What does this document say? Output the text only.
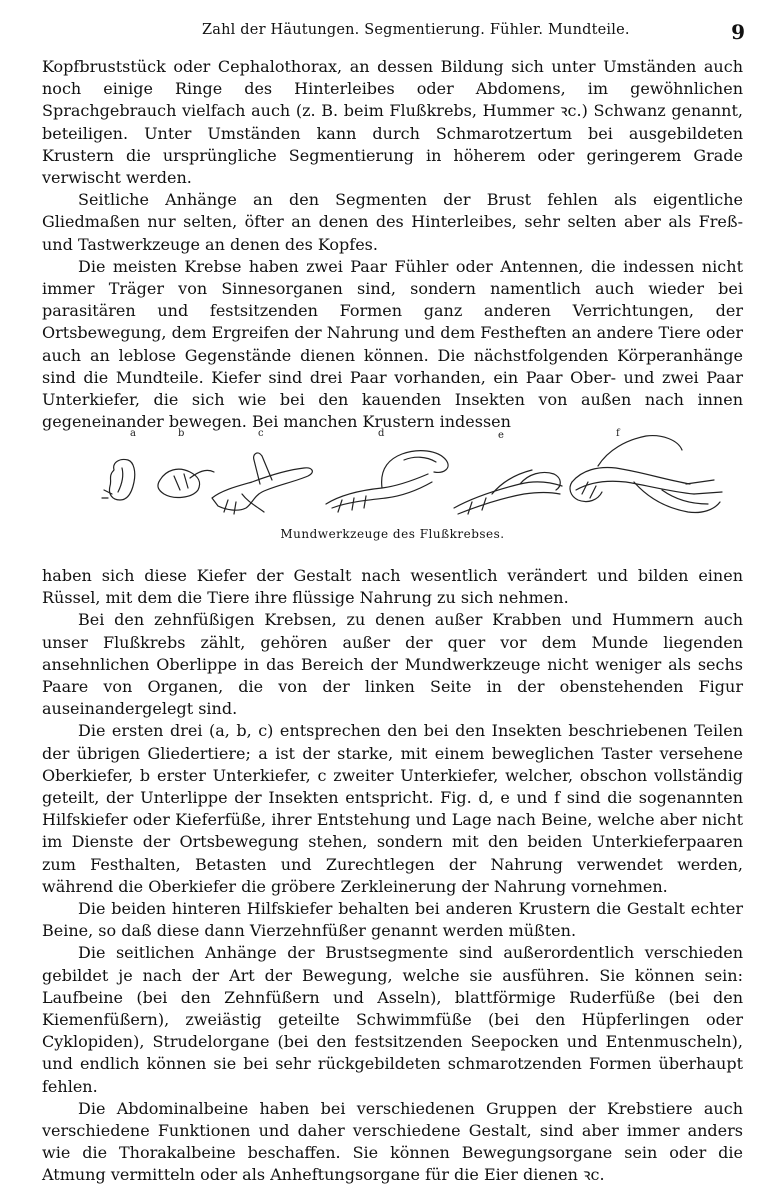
Zahl der Häutungen. Segmentierung. Fühler. Mundteile.	9

Kopfbruststück oder Cephalothorax, an dessen Bildung sich unter Umständen auch noch einige Ringe des Hinterleibes oder Abdomens, im gewöhnlichen Sprachgebrauch vielfach auch (z. B. beim Flußkrebs, Hummer ꝛc.) Schwanz genannt, beteiligen. Unter Umständen kann durch Schmarotzertum bei ausgebildeten Krustern die ursprüngliche Segmentierung in höherem oder geringerem Grade verwischt werden.

Seitliche Anhänge an den Segmenten der Brust fehlen als eigentliche Gliedmaßen nur selten, öfter an denen des Hinterleibes, sehr selten aber als Freß- und Tastwerkzeuge an denen des Kopfes.

Die meisten Krebse haben zwei Paar Fühler oder Antennen, die indessen nicht immer Träger von Sinnesorganen sind, sondern namentlich auch wieder bei parasitären und festsitzenden Formen ganz anderen Verrichtungen, der Ortsbewegung, dem Ergreifen der Nahrung und dem Festheften an andere Tiere oder auch an leblose Gegenstände dienen können. Die nächstfolgenden Körperanhänge sind die Mundteile. Kiefer sind drei Paar vorhanden, ein Paar Ober- und zwei Paar Unterkiefer, die sich wie bei den kauenden Insekten von außen nach innen gegeneinander bewegen. Bei manchen Krustern indessen

a	b	c	d	e	f
Mundwerkzeuge des Flußkrebses.

haben sich diese Kiefer der Gestalt nach wesentlich verändert und bilden einen Rüssel, mit dem die Tiere ihre flüssige Nahrung zu sich nehmen.

Bei den zehnfüßigen Krebsen, zu denen außer Krabben und Hummern auch unser Flußkrebs zählt, gehören außer der quer vor dem Munde liegenden ansehnlichen Oberlippe in das Bereich der Mundwerkzeuge nicht weniger als sechs Paare von Organen, die von der linken Seite in der obenstehenden Figur auseinandergelegt sind.

Die ersten drei (a, b, c) entsprechen den bei den Insekten beschriebenen Teilen der übrigen Gliedertiere; a ist der starke, mit einem beweglichen Taster versehene Oberkiefer, b erster Unterkiefer, c zweiter Unterkiefer, welcher, obschon vollständig geteilt, der Unterlippe der Insekten entspricht. Fig. d, e und f sind die sogenannten Hilfskiefer oder Kieferfüße, ihrer Entstehung und Lage nach Beine, welche aber nicht im Dienste der Ortsbewegung stehen, sondern mit den beiden Unterkieferpaaren zum Festhalten, Betasten und Zurechtlegen der Nahrung verwendet werden, während die Oberkiefer die gröbere Zerkleinerung der Nahrung vornehmen.

Die beiden hinteren Hilfskiefer behalten bei anderen Krustern die Gestalt echter Beine, so daß diese dann Vierzehnfüßer genannt werden müßten.

Die seitlichen Anhänge der Brustsegmente sind außerordentlich verschieden gebildet je nach der Art der Bewegung, welche sie ausführen. Sie können sein: Laufbeine (bei den Zehnfüßern und Asseln), blattförmige Ruderfüße (bei den Kiemenfüßern), zweiästig geteilte Schwimmfüße (bei den Hüpferlingen oder Cyklopiden), Strudelorgane (bei den festsitzenden Seepocken und Entenmuscheln), und endlich können sie bei sehr rückgebildeten schmarotzenden Formen überhaupt fehlen.

Die Abdominalbeine haben bei verschiedenen Gruppen der Krebstiere auch verschiedene Funktionen und daher verschiedene Gestalt, sind aber immer anders wie die Thorakalbeine beschaffen. Sie können Bewegungsorgane sein oder die Atmung vermitteln oder als Anheftungsorgane für die Eier dienen ꝛc.
